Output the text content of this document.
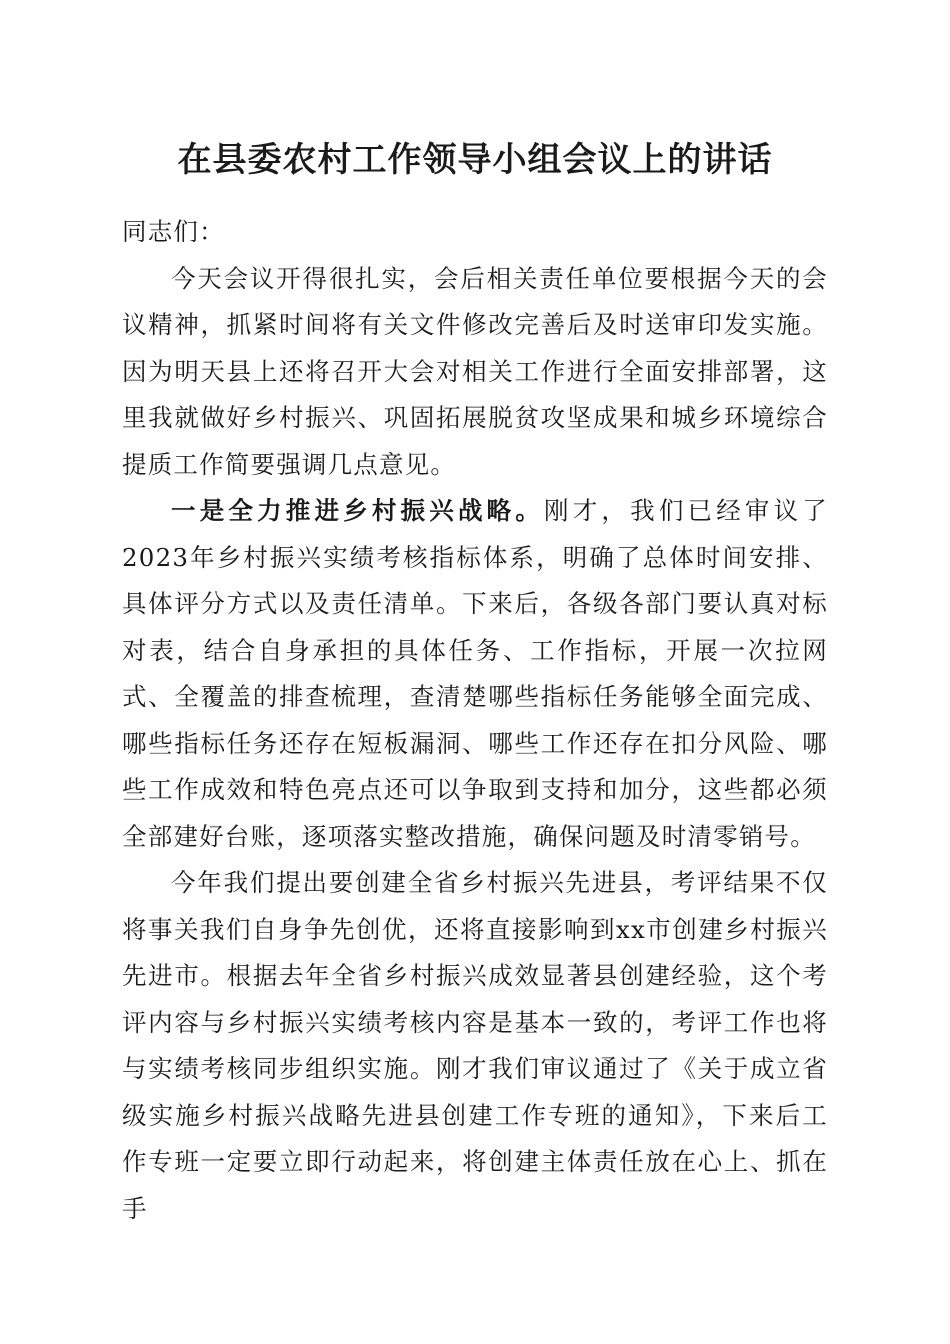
在县委农村工作领导小组会议上的讲话

同志们：

今天会议开得很扎实，会后相关责任单位要根据今天的会议精神，抓紧时间将有关文件修改完善后及时送审印发实施。因为明天县上还将召开大会对相关工作进行全面安排部署，这里我就做好乡村振兴、巩固拓展脱贫攻坚成果和城乡环境综合提质工作简要强调几点意见。

一是全力推进乡村振兴战略。刚才，我们已经审议了2023年乡村振兴实绩考核指标体系，明确了总体时间安排、具体评分方式以及责任清单。下来后，各级各部门要认真对标对表，结合自身承担的具体任务、工作指标，开展一次拉网式、全覆盖的排查梳理，查清楚哪些指标任务能够全面完成、哪些指标任务还存在短板漏洞、哪些工作还存在扣分风险、哪些工作成效和特色亮点还可以争取到支持和加分，这些都必须全部建好台账，逐项落实整改措施，确保问题及时清零销号。

今年我们提出要创建全省乡村振兴先进县，考评结果不仅将事关我们自身争先创优，还将直接影响到xx市创建乡村振兴先进市。根据去年全省乡村振兴成效显著县创建经验，这个考评内容与乡村振兴实绩考核内容是基本一致的，考评工作也将与实绩考核同步组织实施。刚才我们审议通过了《关于成立省级实施乡村振兴战略先进县创建工作专班的通知》，下来后工作专班一定要立即行动起来，将创建主体责任放在心上、抓在手
